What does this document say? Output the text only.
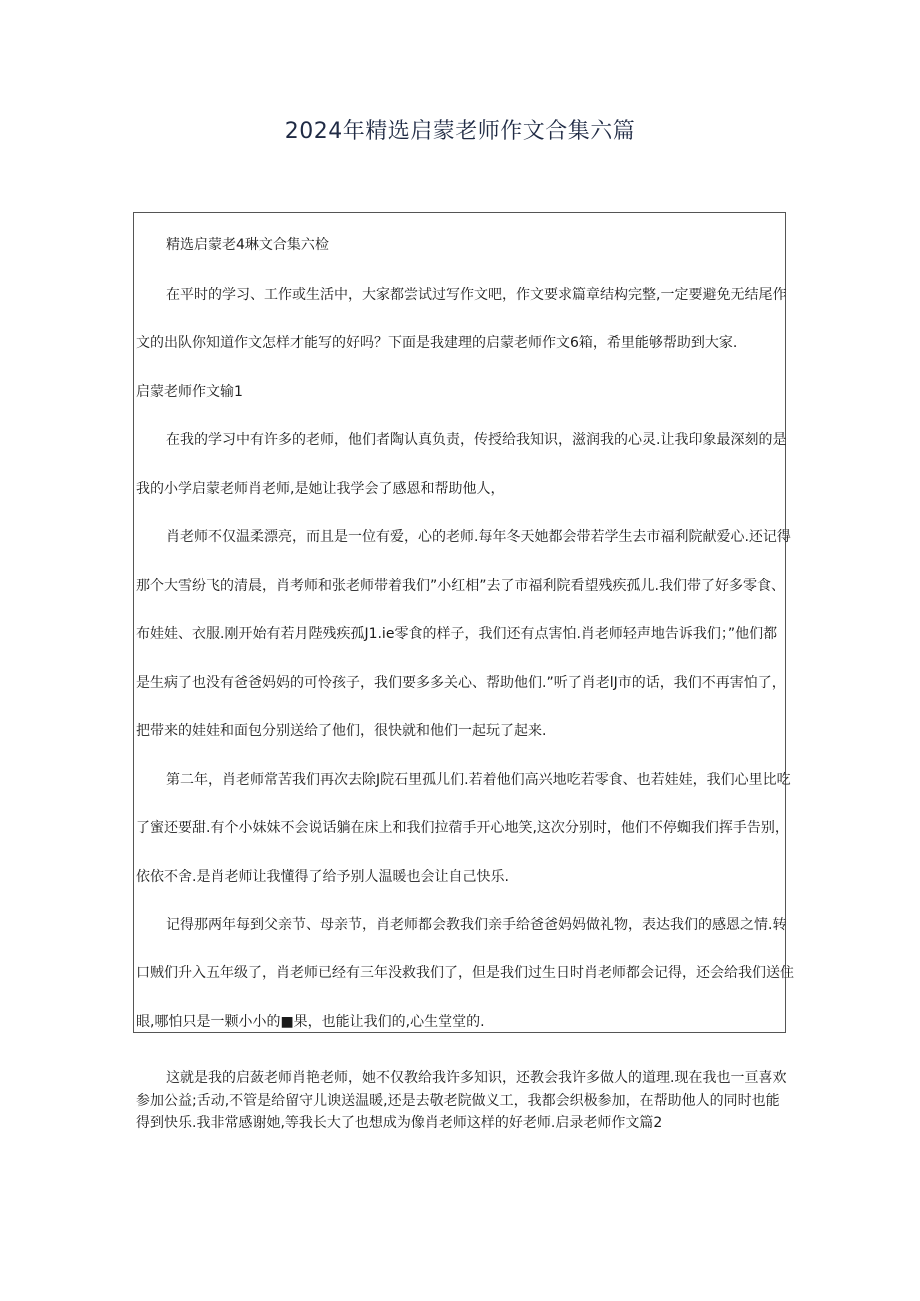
2024年精选启蒙老师作文合集六篇
精选启蒙老4琳文合集六检
在平时的学习、工作或生活中，大家都尝试过写作文吧，作文要求篇章结构完整,一定要避免无结尾作
文的出队你知道作文怎样才能写的好吗？下面是我建理的启蒙老师作文6箱，希里能够帮助到大家.
启蒙老师作文输1
在我的学习中有许多的老师，他们者陶认真负责，传授给我知识，滋润我的心灵.让我印象最深刻的是
我的小学启蒙老师肖老师,是她让我学会了感恩和帮助他人，
肖老师不仅温柔漂亮，而且是一位有爱，心的老师.每年冬天她都会带若学生去市福利院献爱心.还记得
那个大雪纷飞的清晨，肖考师和张老师带着我们”小红相”去了市福利院看望残疾孤儿.我们带了好多零食、
布娃娃、衣服.刚开始有若月陛残疾孤J1.ie零食的样子，我们还有点害怕.肖老师轻声地告诉我们；”他们都
是生病了也没有爸爸妈妈的可怜孩子，我们要多多关心、帮助他们.”听了肖老lJ市的话，我们不再害怕了，
把带来的娃娃和面包分别送给了他们，很快就和他们一起玩了起来.
第二年，肖老师常苦我们再次去除J院石里孤儿们.若着他们高兴地吃若零食、也若娃娃，我们心里比吃
了蜜还要甜.有个小妹妹不会说话躺在床上和我们拉蓿手开心地笑,这次分别时，他们不停蜘我们挥手告别，
依依不舍.是肖老师让我懂得了给予别人温暖也会让自己快乐.
记得那两年每到父亲节、母亲节，肖老师都会教我们亲手给爸爸妈妈做礼物，表达我们的感恩之情.转
口贼们升入五年级了，肖老师已经有三年没救我们了，但是我们过生日时肖老师都会记得，还会给我们送住
眼,哪怕只是一颗小小的■果，也能让我们的,心生堂堂的.
这就是我的启蔹老师肖艳老师，她不仅教给我许多知识，还教会我许多做人的道理.现在我也一亘喜欢参加公益;舌动,不管是给留守儿谀送温暖,还是去敬老院做义工，我都会织极参加，在帮助他人的同时也能得到快乐.我非常感谢她,等我长大了也想成为像肖老师这样的好老师.启录老师作文篇2
